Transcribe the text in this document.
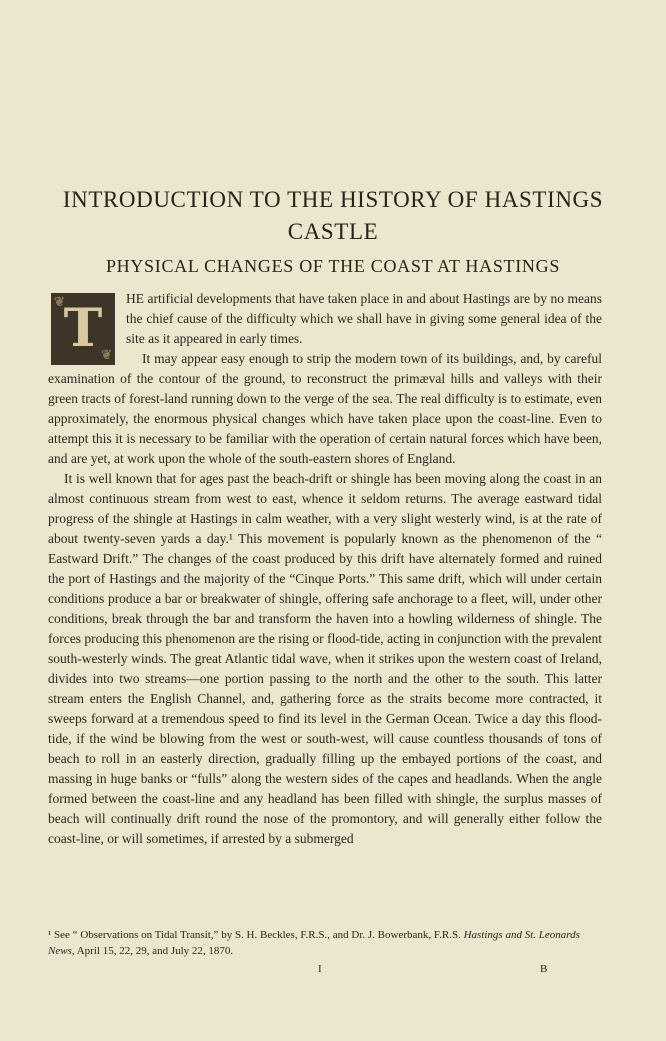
INTRODUCTION TO THE HISTORY OF HASTINGS CASTLE
PHYSICAL CHANGES OF THE COAST AT HASTINGS

❦
❦
T HE artificial developments that have taken place in and about Hastings are by no means the chief cause of the difficulty which we shall have in giving some general idea of the site as it appeared in early times.

It may appear easy enough to strip the modern town of its buildings, and, by careful examination of the contour of the ground, to reconstruct the primæval hills and valleys with their green tracts of forest-land running down to the verge of the sea. The real difficulty is to estimate, even approximately, the enormous physical changes which have taken place upon the coast-line. Even to attempt this it is necessary to be familiar with the operation of certain natural forces which have been, and are yet, at work upon the whole of the south-eastern shores of England.

It is well known that for ages past the beach-drift or shingle has been moving along the coast in an almost continuous stream from west to east, whence it seldom returns. The average eastward tidal progress of the shingle at Hastings in calm weather, with a very slight westerly wind, is at the rate of about twenty-seven yards a day.¹ This movement is popularly known as the phenomenon of the “ Eastward Drift.” The changes of the coast produced by this drift have alternately formed and ruined the port of Hastings and the majority of the “Cinque Ports.” This same drift, which will under certain conditions produce a bar or breakwater of shingle, offering safe anchorage to a fleet, will, under other conditions, break through the bar and transform the haven into a howling wilderness of shingle. The forces producing this phenomenon are the rising or flood-tide, acting in conjunction with the prevalent south-westerly winds. The great Atlantic tidal wave, when it strikes upon the western coast of Ireland, divides into two streams—one portion passing to the north and the other to the south. This latter stream enters the English Channel, and, gathering force as the straits become more contracted, it sweeps forward at a tremendous speed to find its level in the German Ocean. Twice a day this flood-tide, if the wind be blowing from the west or south-west, will cause countless thousands of tons of beach to roll in an easterly direction, gradually filling up the embayed portions of the coast, and massing in huge banks or “fulls” along the western sides of the capes and headlands. When the angle formed between the coast-line and any headland has been filled with shingle, the surplus masses of beach will continually drift round the nose of the promontory, and will generally either follow the coast-line, or will sometimes, if arrested by a submerged

¹ See “ Observations on Tidal Transit,” by S. H. Beckles, F.R.S., and Dr. J. Bowerbank, F.R.S. Hastings and St. Leonards News, April 15, 22, 29, and July 22, 1870.
I	B
